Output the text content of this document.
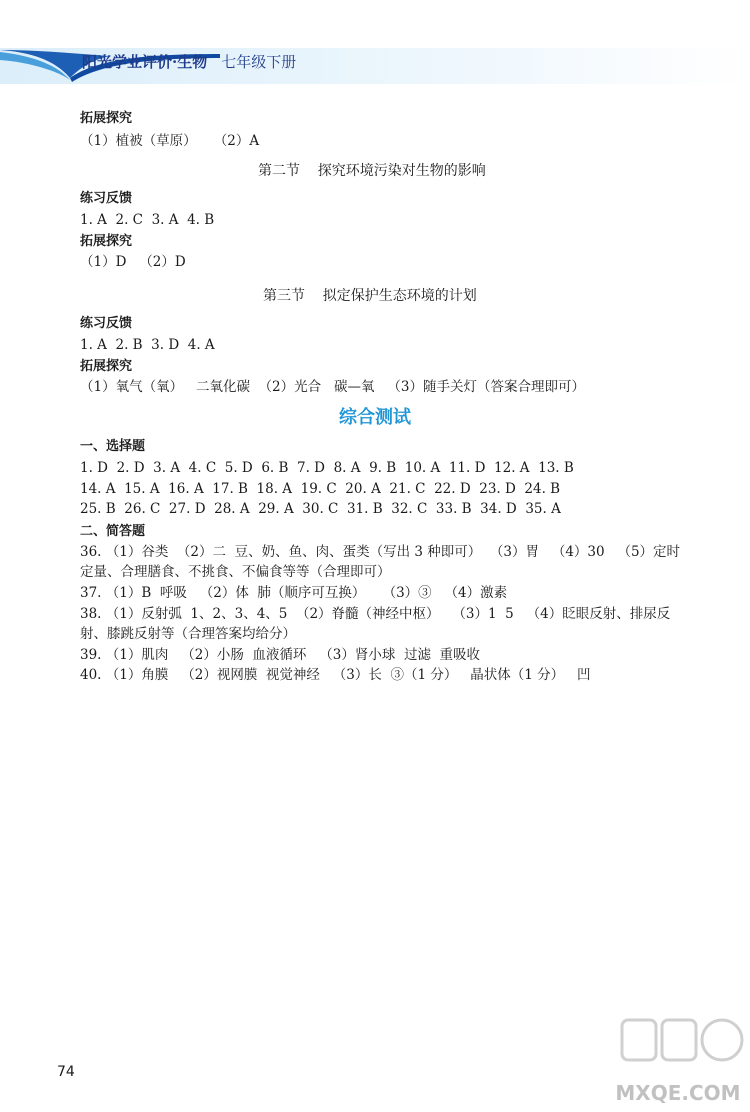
阳光学业评价·生物 七年级下册
拓展探究
（1）植被（草原）    （2）A
第二节    探究环境污染对生物的影响
练习反馈
1. A  2. C  3. A  4. B
拓展探究
（1）D   （2）D
第三节    拟定保护生态环境的计划
练习反馈
1. A  2. B  3. D  4. A
拓展探究
（1）氧气（氧）   二氧化碳  （2）光合   碳—氧   （3）随手关灯（答案合理即可）
综合测试
一、选择题
1. D  2. D  3. A  4. C  5. D  6. B  7. D  8. A  9. B  10. A  11. D  12. A  13. B
14. A  15. A  16. A  17. B  18. A  19. C  20. A  21. C  22. D  23. D  24. B
25. B  26. C  27. D  28. A  29. A  30. C  31. B  32. C  33. B  34. D  35. A
二、简答题
36. （1）谷类  （2）二  豆、奶、鱼、肉、蛋类（写出 3 种即可）  （3）胃   （4）30   （5）定时
定量、合理膳食、不挑食、不偏食等等（合理即可）
37. （1）B  呼吸   （2）体  肺（顺序可互换）    （3）③   （4）激素
38. （1）反射弧  1、2、3、4、5  （2）脊髓（神经中枢）   （3）1  5   （4）眨眼反射、排尿反
射、膝跳反射等（合理答案均给分）
39. （1）肌肉   （2）小肠  血液循环   （3）肾小球  过滤  重吸收
40. （1）角膜   （2）视网膜  视觉神经   （3）长  ③（1 分）   晶状体（1 分）   凹
74
MXQE.COM
